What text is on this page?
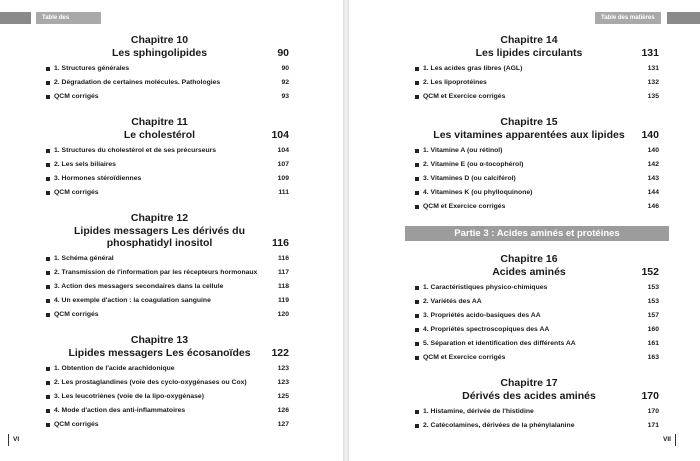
Table des matières
Chapitre 10
Les sphingolipides	90
1. Structures générales	90
2. Dégradation de certaines molécules. Pathologies	92
QCM corrigés	93
Chapitre 11
Le cholestérol	104
1. Structures du cholestérol et de ses précurseurs	104
2. Les sels biliaires	107
3. Hormones stéroïdiennes	109
QCM corrigés	111
Chapitre 12
Lipides messagers Les dérivés du
phosphatidyl inositol	116
1. Schéma général	116
2. Transmission de l'information par les récepteurs hormonaux	117
3. Action des messagers secondaires dans la cellule	118
4. Un exemple d'action : la coagulation sanguine	119
QCM corrigés	120
Chapitre 13
Lipides messagers Les écosanoïdes	122
1. Obtention de l'acide arachidonique	123
2. Les prostaglandines (voie des cyclo-oxygénases ou Cox)	123
3. Les leucotriènes (voie de la lipo-oxygénase)	125
4. Mode d'action des anti-inflammatoires	126
QCM corrigés	127
VI
Table des matières
Chapitre 14
Les lipides circulants	131
1. Les acides gras libres (AGL)	131
2. Les lipoprotéines	132
QCM et Exercice corrigés	135
Chapitre 15
Les vitamines apparentées aux lipides	140
1. Vitamine A (ou rétinol)	140
2. Vitamine E (ou α-tocophérol)	142
3. Vitamines D (ou calciférol)	143
4. Vitamines K (ou phylloquinone)	144
QCM et Exercice corrigés	146
Partie 3 : Acides aminés et protéines
Chapitre 16
Acides aminés	152
1. Caractéristiques physico-chimiques	153
2. Variétés des AA	153
3. Propriétés acido-basiques des AA	157
4. Propriétés spectroscopiques des AA	160
5. Séparation et identification des différents AA	161
QCM et Exercice corrigés	163
Chapitre 17
Dérivés des acides aminés	170
1. Histamine, dérivée de l'histidine	170
2. Catécolamines, dérivées de la phénylalanine	171
VII
